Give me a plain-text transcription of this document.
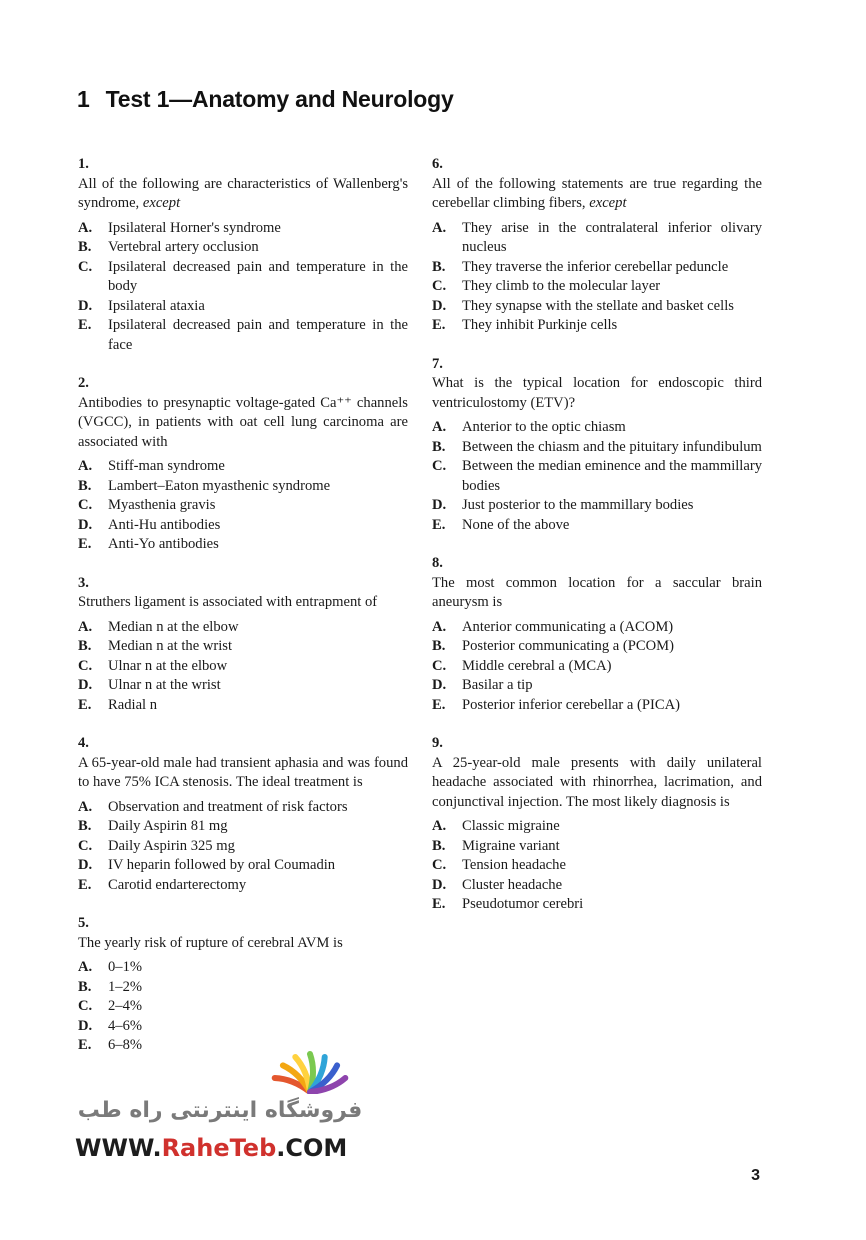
1 Test 1—Anatomy and Neurology

1.

All of the following are characteristics of Wallenberg's syndrome, except

A.	Ipsilateral Horner's syndrome
B.	Vertebral artery occlusion
C.	Ipsilateral decreased pain and temperature in the body
D.	Ipsilateral ataxia
E.	Ipsilateral decreased pain and temperature in the face

2.

Antibodies to presynaptic voltage-gated Ca⁺⁺ channels (VGCC), in patients with oat cell lung carcinoma are associated with

A.	Stiff-man syndrome
B.	Lambert–Eaton myasthenic syndrome
C.	Myasthenia gravis
D.	Anti-Hu antibodies
E.	Anti-Yo antibodies

3.

Struthers ligament is associated with entrapment of

A.	Median n at the elbow
B.	Median n at the wrist
C.	Ulnar n at the elbow
D.	Ulnar n at the wrist
E.	Radial n

4.

A 65-year-old male had transient aphasia and was found to have 75% ICA stenosis. The ideal treatment is

A.	Observation and treatment of risk factors
B.	Daily Aspirin 81 mg
C.	Daily Aspirin 325 mg
D.	IV heparin followed by oral Coumadin
E.	Carotid endarterectomy

5.

The yearly risk of rupture of cerebral AVM is

A.	0–1%
B.	1–2%
C.	2–4%
D.	4–6%
E.	6–8%

6.

All of the following statements are true regarding the cerebellar climbing fibers, except

A.	They arise in the contralateral inferior olivary nucleus
B.	They traverse the inferior cerebellar peduncle
C.	They climb to the molecular layer
D.	They synapse with the stellate and basket cells
E.	They inhibit Purkinje cells

7.

What is the typical location for endoscopic third ventriculostomy (ETV)?

A.	Anterior to the optic chiasm
B.	Between the chiasm and the pituitary infundibulum
C.	Between the median eminence and the mammillary bodies
D.	Just posterior to the mammillary bodies
E.	None of the above

8.

The most common location for a saccular brain aneurysm is

A.	Anterior communicating a (ACOM)
B.	Posterior communicating a (PCOM)
C.	Middle cerebral a (MCA)
D.	Basilar a tip
E.	Posterior inferior cerebellar a (PICA)

9.

A 25-year-old male presents with daily unilateral headache associated with rhinorrhea, lacrimation, and conjunctival injection. The most likely diagnosis is

A.	Classic migraine
B.	Migraine variant
C.	Tension headache
D.	Cluster headache
E.	Pseudotumor cerebri
فروشگاه اینترنتی راه طب
WWW.RaheTeb.COM
3
